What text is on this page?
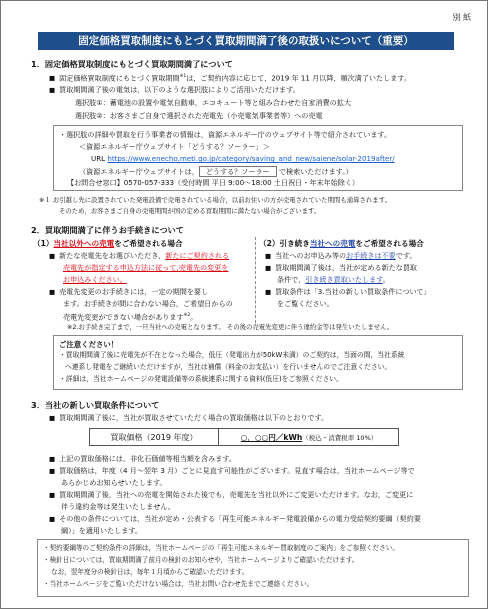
別 紙
固定価格買取制度にもとづく買取期間満了後の取扱いについて（重要）
1．固定価格買取制度にもとづく買取期間満了について
■ 固定価格買取制度にもとづく買取期間$^{※1}$は，ご契約内容に応じて，2019 年 11 月以降，順次満了いたします。
■ 買取期間満了後の電気は，以下のような選択肢によりご活用いただけます。
選択肢①：蓄電池の設置や電気自動車，エコキュート等と組み合わせた自家消費の拡大
選択肢②：お客さまご自身で選択された売電先（小売電気事業者等）への売電
・選択肢の詳細や買取を行う事業者の情報は，資源エネルギー庁のウェブサイト等で紹介されています。
＜資源エネルギー庁ウェブサイト「どうする？ソーラー」＞
URL https://www.enecho.meti.go.jp/category/saving_and_new/saiene/solar-2019after/
（資源エネルギー庁ウェブサイトは， どうする？ソーラー で検索いただけます。）
【お問合せ窓口】0570-057-333（受付時間 平日 9:00～18:00 土日祝日・年末年始除く）
※１ お引越し先に設置されていた発電設備で売電されている場合，以前お住いの方が売電されていた期間も通算されます。
そのため，お客さまご自身の売電期間が国の定める買取期間に満たない場合がございます。
2．買取期間満了に伴うお手続きについて
（1）当社以外への売電をご希望される場合
■ 新たな売電先をお選びいただき，新たにご契約される
売電先が指定する申込方法に従って,売電先の変更を
お申込みください。
■ 売電先変更のお手続きには，一定の期間を要し
ます。お手続きが間に合わない場合，ご希望日からの
売電先変更ができない場合があります$^{※2}$。
（2）引き続き当社への売電をご希望される場合
■ 当社へのお申込み等のお手続きは不要です。
■ 買取期間満了後は，当社が定める新たな買取
条件で，引き続き買取いたします。
■ 買取条件は「3.当社の新しい買取条件について」
をご覧ください。
※2.お手続き完了まで，一旦当社への売電となります。 その後の売電先変更に伴う違約金等は発生いたしません。
ご注意ください！
・買取期間満了後に売電先が不在となった場合，低圧（発電出力が50kW未満）のご契約は，当面の間，当社系統
へ連系し発電をご継続いただけますが，当社は補償（料金のお支払い）を行いませんのでご注意ください。
・詳細は，当社ホームページの発電設備等の系統連系に関する資料(低圧)をご参照ください。
3．当社の新しい買取条件について
■ 買取期間満了後に，当社が買取させていただく場合の買取価格は以下のとおりです。
買取価格（2019 年度）	○．○○円／kWh （税込・消費税率 10%）
■ 上記の買取価格には，非化石価値等相当額を含みます。
■ 買取価格は，年度（4 月～翌年 3 月）ごとに見直す可能性がございます。見直す場合は，当社ホームページ等で
あらかじめお知らせいたします。
■ 買取期間満了後，当社への売電を開始された後でも，売電先を当社以外にご変更いただけます。なお，ご変更に
伴う違約金等は発生いたしません。
■ その他の条件については，当社が定め・公表する「再生可能エネルギー発電設備からの電力受給契約要綱（契約要
綱）」を適用いたします。
・契約要綱等のご契約条件の詳細は，当社ホームページの「再生可能エネルギー買取制度のご案内」をご参照ください。
・検針日については，買取期間満了前月の検針のお知らせや，当社ホームページよりご確認いただけます。
なお，翌年度分の検針日は，毎年１月頃からご確認いただけます。
・当社ホームページをご覧いただけない場合は，当社お問い合わせ先までご連絡ください。
